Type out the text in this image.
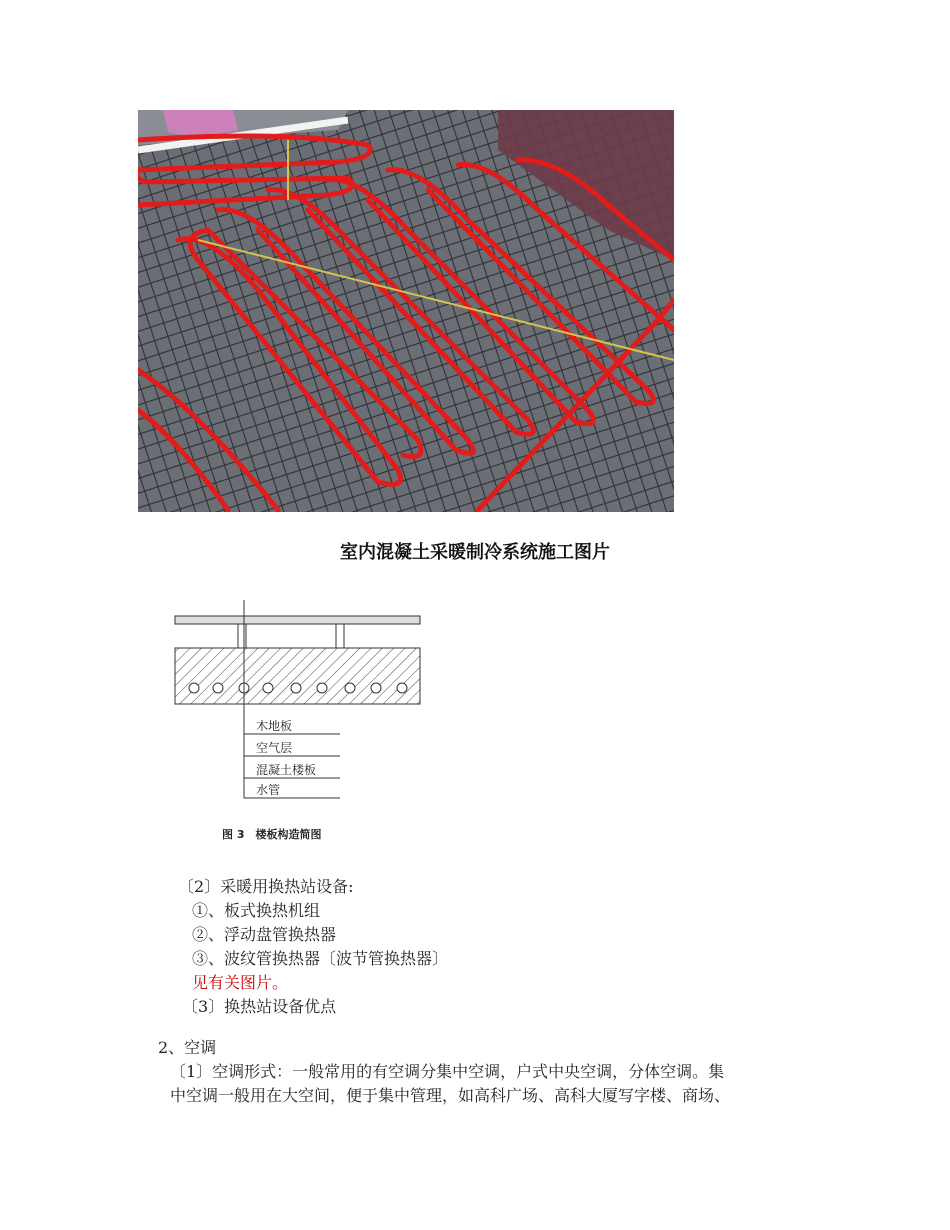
室内混凝土采暖制冷系统施工图片
木地板
空气层
混凝土楼板
水管
图 3　楼板构造简图
〔2〕采暖用换热站设备:
①、板式换热机组
②、浮动盘管换热器
③、波纹管换热器〔波节管换热器〕
见有关图片。
〔3〕换热站设备优点
2、空调
〔1〕空调形式：一般常用的有空调分集中空调，户式中央空调，分体空调。集
中空调一般用在大空间，便于集中管理，如高科广场、高科大厦写字楼、商场、
